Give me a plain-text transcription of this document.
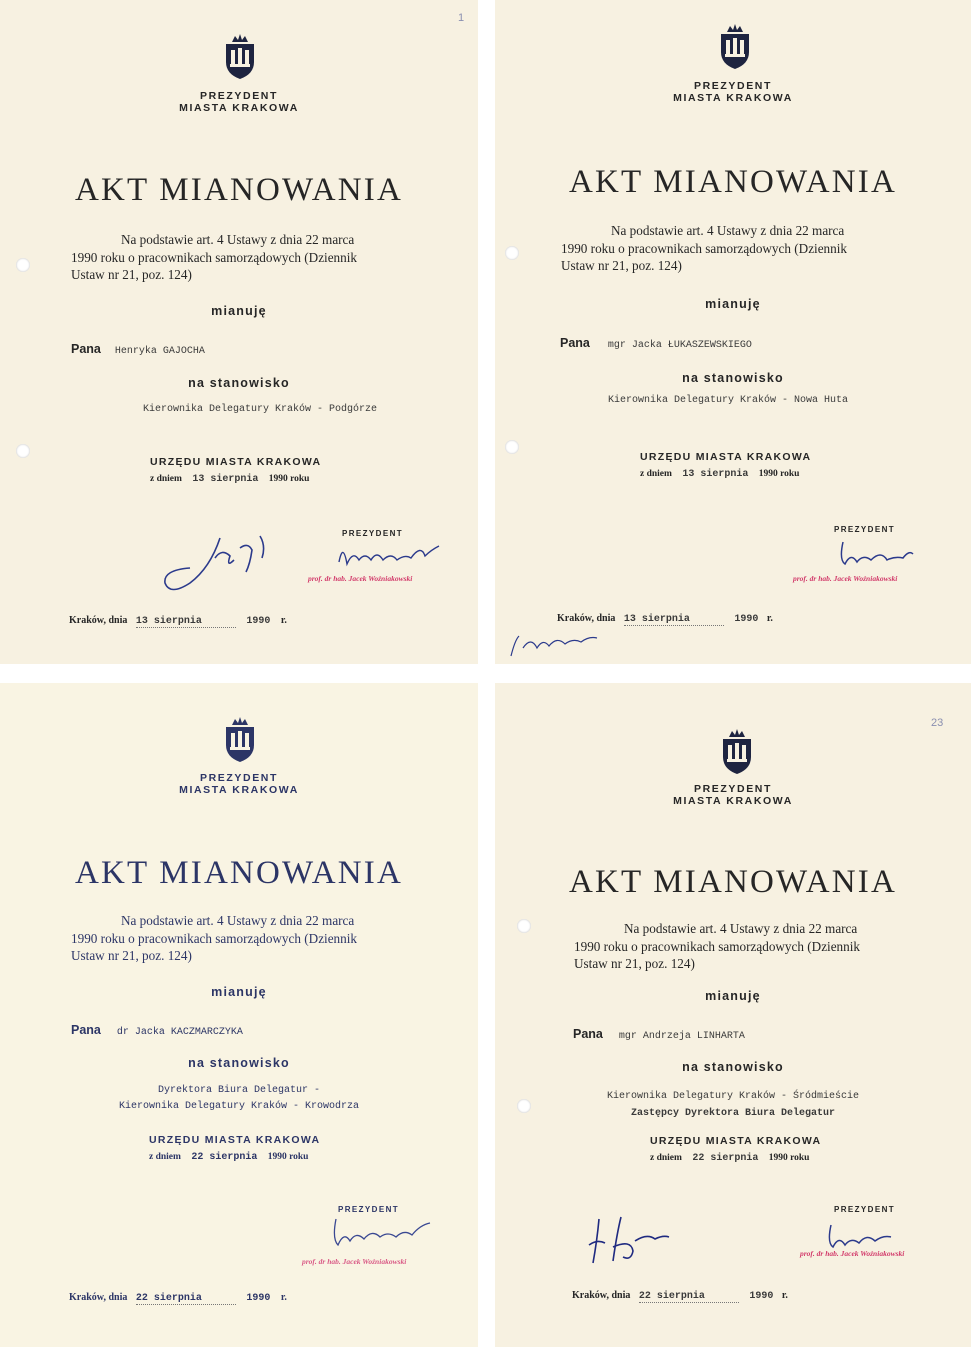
PREZYDENT
MIASTA KRAKOWA
AKT MIANOWANIA
Na podstawie art. 4 Ustawy z dnia 22 marca
1990 roku o pracownikach samorządowych (Dziennik
Ustaw nr 21, poz. 124)
mianuję
Pana Henryka GAJOCHA
na stanowisko
Kierownika Delegatury Kraków - Podgórze
URZĘDU MIASTA KRAKOWA
z dniem 13 sierpnia 1990 roku
PREZYDENT
prof. dr hab. Jacek Woźniakowski
Kraków, dnia 13 sierpnia	1990 r.
1
PREZYDENT
MIASTA KRAKOWA
AKT MIANOWANIA
Na podstawie art. 4 Ustawy z dnia 22 marca
1990 roku o pracownikach samorządowych (Dziennik
Ustaw nr 21, poz. 124)
mianuję
Pana mgr Jacka ŁUKASZEWSKIEGO
na stanowisko
Kierownika Delegatury Kraków - Nowa Huta
URZĘDU MIASTA KRAKOWA
z dniem 13 sierpnia 1990 roku
PREZYDENT
prof. dr hab. Jacek Woźniakowski
Kraków, dnia 13 sierpnia	1990 r.
PREZYDENT
MIASTA KRAKOWA
AKT MIANOWANIA
Na podstawie art. 4 Ustawy z dnia 22 marca
1990 roku o pracownikach samorządowych (Dziennik
Ustaw nr 21, poz. 124)
mianuję
Pana dr Jacka KACZMARCZYKA
na stanowisko
Dyrektora Biura Delegatur -
Kierownika Delegatury Kraków - Krowodrza
URZĘDU MIASTA KRAKOWA
z dniem 22 sierpnia 1990 roku
PREZYDENT
prof. dr hab. Jacek Woźniakowski
Kraków, dnia 22 sierpnia	1990 r.
PREZYDENT
MIASTA KRAKOWA
AKT MIANOWANIA
Na podstawie art. 4 Ustawy z dnia 22 marca
1990 roku o pracownikach samorządowych (Dziennik
Ustaw nr 21, poz. 124)
mianuję
Pana mgr Andrzeja LINHARTA
na stanowisko
Kierownika Delegatury Kraków - Śródmieście
Zastępcy Dyrektora Biura Delegatur
URZĘDU MIASTA KRAKOWA
z dniem 22 sierpnia 1990 roku
PREZYDENT
prof. dr hab. Jacek Woźniakowski
Kraków, dnia 22 sierpnia	1990 r.
23
